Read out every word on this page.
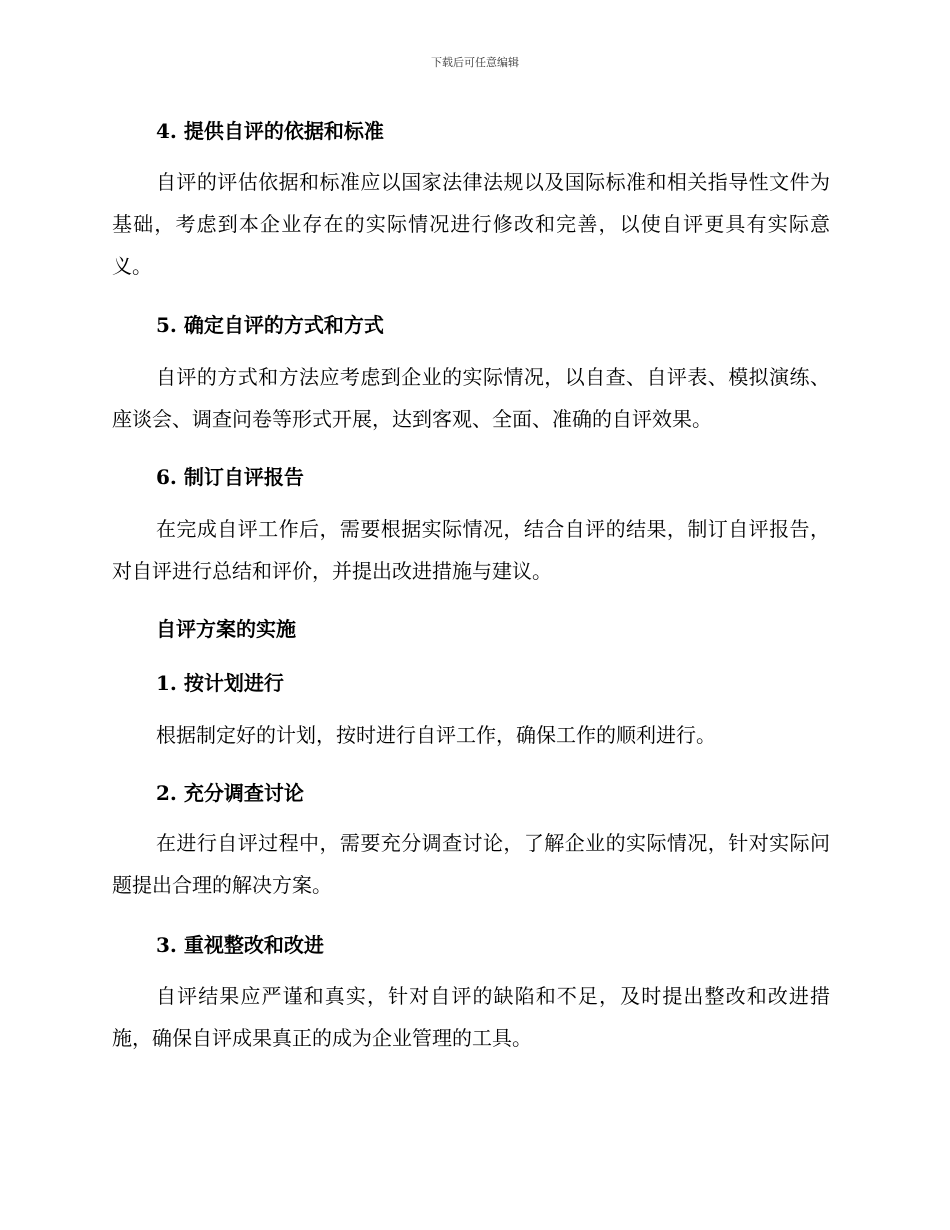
下载后可任意编辑
4. 提供自评的依据和标准
自评的评估依据和标准应以国家法律法规以及国际标准和相关指导性文件为基础，考虑到本企业存在的实际情况进行修改和完善，以使自评更具有实际意义。
5. 确定自评的方式和方式
自评的方式和方法应考虑到企业的实际情况，以自查、自评表、模拟演练、座谈会、调查问卷等形式开展，达到客观、全面、准确的自评效果。
6. 制订自评报告
在完成自评工作后，需要根据实际情况，结合自评的结果，制订自评报告，对自评进行总结和评价，并提出改进措施与建议。
自评方案的实施
1. 按计划进行
根据制定好的计划，按时进行自评工作，确保工作的顺利进行。
2. 充分调查讨论
在进行自评过程中，需要充分调查讨论，了解企业的实际情况，针对实际问题提出合理的解决方案。
3. 重视整改和改进
自评结果应严谨和真实，针对自评的缺陷和不足，及时提出整改和改进措施，确保自评成果真正的成为企业管理的工具。
